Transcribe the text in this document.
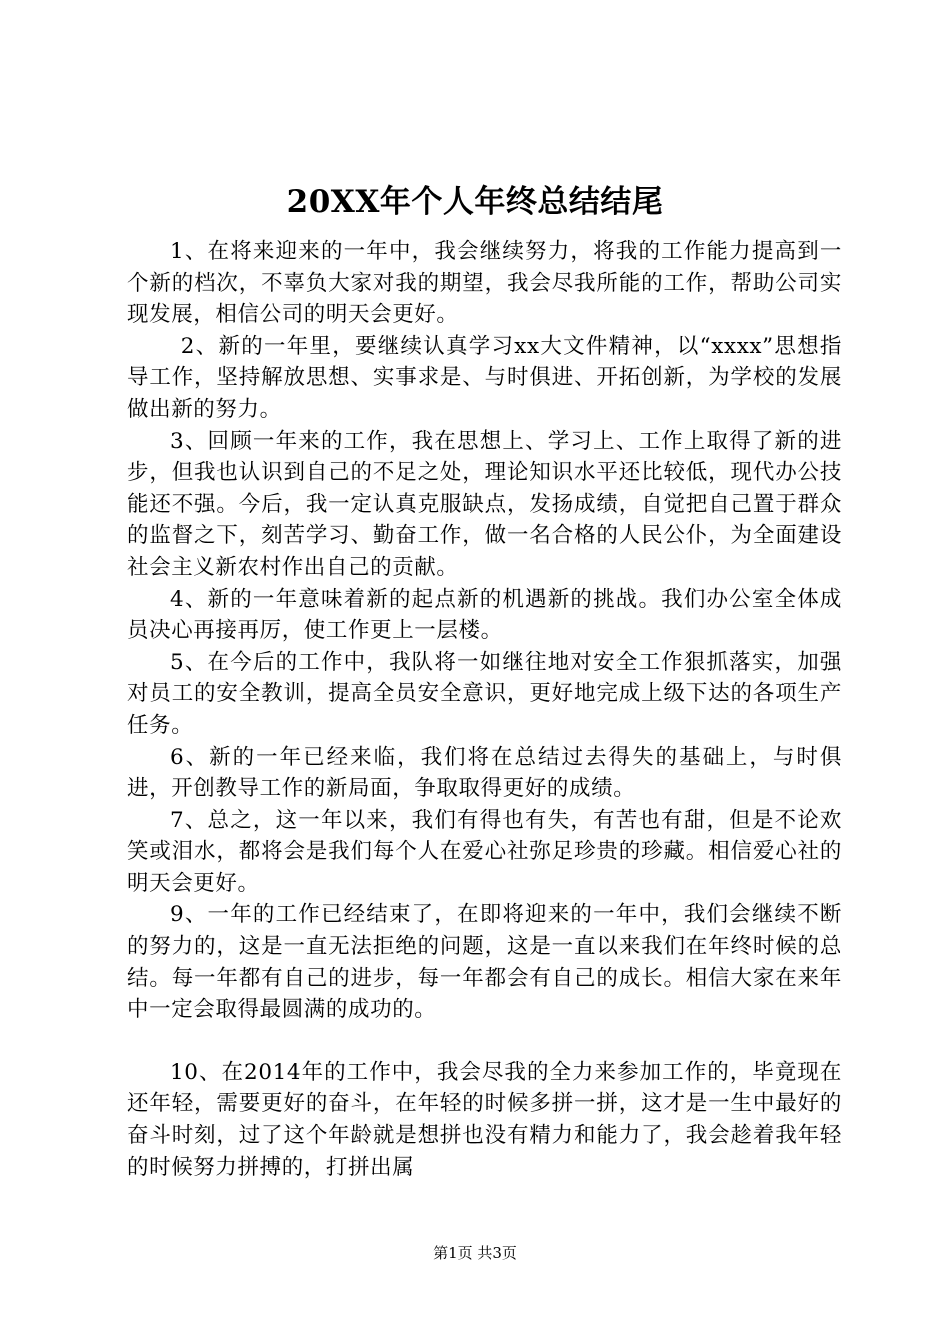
20XX年个人年终总结结尾

1、在将来迎来的一年中，我会继续努力，将我的工作能力提高到一个新的档次，不辜负大家对我的期望，我会尽我所能的工作，帮助公司实现发展，相信公司的明天会更好。

2、新的一年里，要继续认真学习xx大文件精神，以“xxxx”思想指导工作，坚持解放思想、实事求是、与时俱进、开拓创新，为学校的发展做出新的努力。

3、回顾一年来的工作，我在思想上、学习上、工作上取得了新的进步，但我也认识到自己的不足之处，理论知识水平还比较低，现代办公技能还不强。今后，我一定认真克服缺点，发扬成绩，自觉把自己置于群众的监督之下，刻苦学习、勤奋工作，做一名合格的人民公仆，为全面建设社会主义新农村作出自己的贡献。

4、新的一年意味着新的起点新的机遇新的挑战。我们办公室全体成员决心再接再厉，使工作更上一层楼。

5、在今后的工作中，我队将一如继往地对安全工作狠抓落实，加强对员工的安全教训，提高全员安全意识，更好地完成上级下达的各项生产任务。

6、新的一年已经来临，我们将在总结过去得失的基础上，与时俱进，开创教导工作的新局面，争取取得更好的成绩。

7、总之，这一年以来，我们有得也有失，有苦也有甜，但是不论欢笑或泪水，都将会是我们每个人在爱心社弥足珍贵的珍藏。相信爱心社的明天会更好。

9、一年的工作已经结束了，在即将迎来的一年中，我们会继续不断的努力的，这是一直无法拒绝的问题，这是一直以来我们在年终时候的总结。每一年都有自己的进步，每一年都会有自己的成长。相信大家在来年中一定会取得最圆满的成功的。

10、在2014年的工作中，我会尽我的全力来参加工作的，毕竟现在还年轻，需要更好的奋斗，在年轻的时候多拼一拼，这才是一生中最好的奋斗时刻，过了这个年龄就是想拼也没有精力和能力了，我会趁着我年轻的时候努力拼搏的，打拼出属

第1页 共3页
